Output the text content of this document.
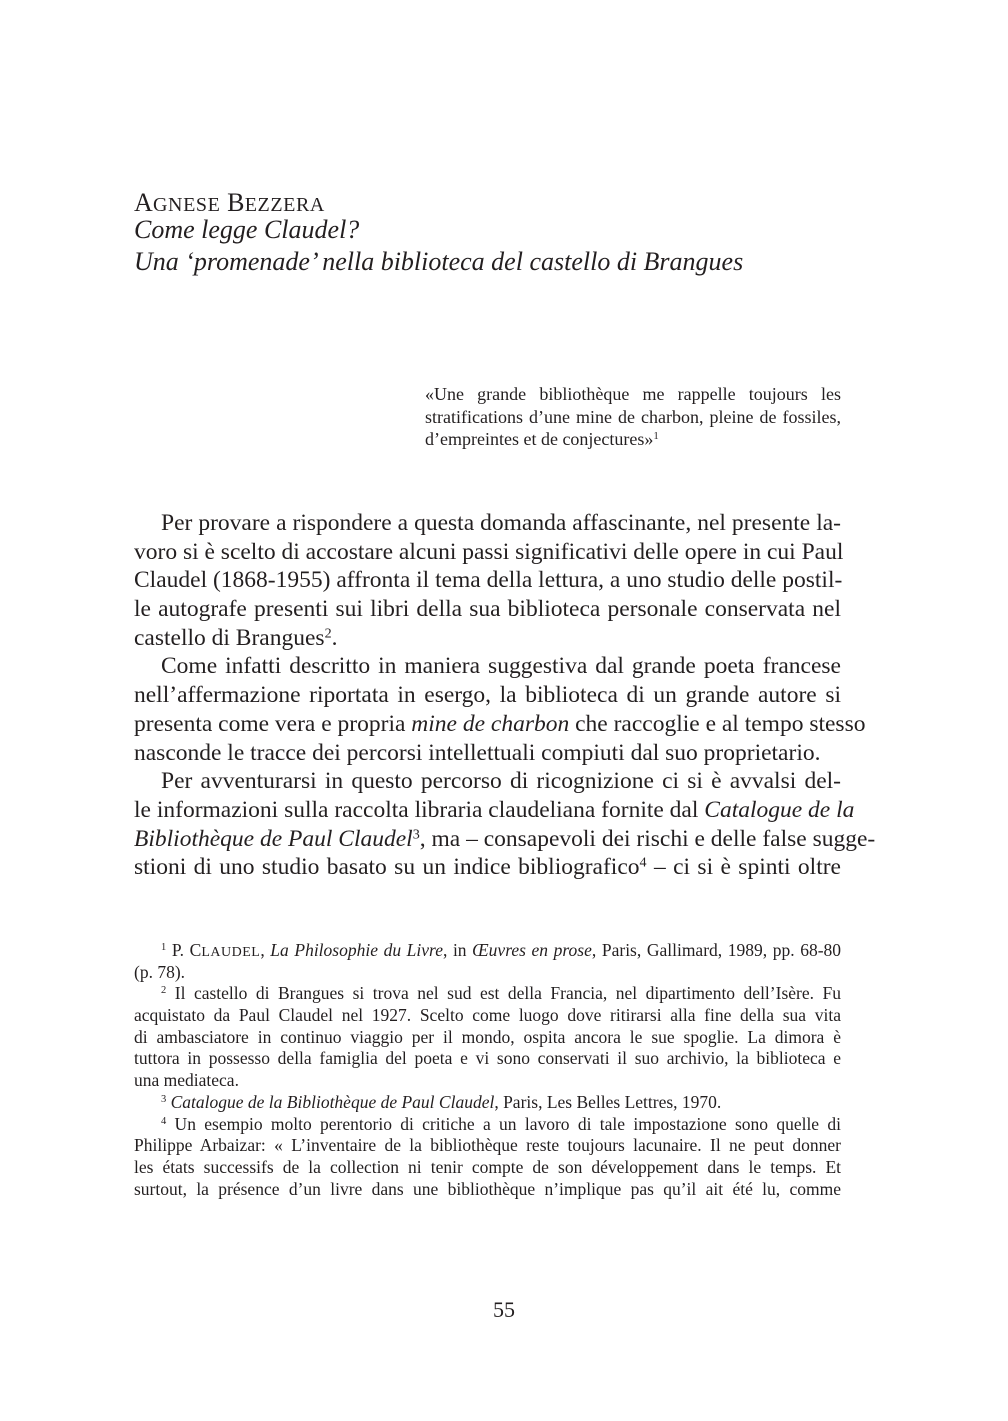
AGNESE BEZZERA
Come legge Claudel?
Una ‘promenade’ nella biblioteca del castello di Brangues
«Une grande bibliothèque me rappelle toujours les
stratifications d’une mine de charbon, pleine de fossiles,
d’empreintes et de conjectures»$^1$
Per provare a rispondere a questa domanda affascinante, nel presente la-
voro si è scelto di accostare alcuni passi significativi delle opere in cui Paul
Claudel (1868-1955) affronta il tema della lettura, a uno studio delle postil-
le autografe presenti sui libri della sua biblioteca personale conservata nel
castello di Brangues$^2$.
Come infatti descritto in maniera suggestiva dal grande poeta francese
nell’affermazione riportata in esergo, la biblioteca di un grande autore si
presenta come vera e propria mine de charbon che raccoglie e al tempo stesso
nasconde le tracce dei percorsi intellettuali compiuti dal suo proprietario.
Per avventurarsi in questo percorso di ricognizione ci si è avvalsi del-
le informazioni sulla raccolta libraria claudeliana fornite dal Catalogue de la
Bibliothèque de Paul Claudel$^3$, ma – consapevoli dei rischi e delle false sugge-
stioni di uno studio basato su un indice bibliografico$^4$ – ci si è spinti oltre
$^1$ P. CLAUDEL, La Philosophie du Livre, in Œuvres en prose, Paris, Gallimard, 1989, pp. 68-80
(p. 78).
$^2$ Il castello di Brangues si trova nel sud est della Francia, nel dipartimento dell’Isère. Fu
acquistato da Paul Claudel nel 1927. Scelto come luogo dove ritirarsi alla fine della sua vita
di ambasciatore in continuo viaggio per il mondo, ospita ancora le sue spoglie. La dimora è
tuttora in possesso della famiglia del poeta e vi sono conservati il suo archivio, la biblioteca e
una mediateca.
$^3$ Catalogue de la Bibliothèque de Paul Claudel, Paris, Les Belles Lettres, 1970.
$^4$ Un esempio molto perentorio di critiche a un lavoro di tale impostazione sono quelle di
Philippe Arbaizar: « L’inventaire de la bibliothèque reste toujours lacunaire. Il ne peut donner
les états successifs de la collection ni tenir compte de son développement dans le temps. Et
surtout, la présence d’un livre dans une bibliothèque n’implique pas qu’il ait été lu, comme
55
